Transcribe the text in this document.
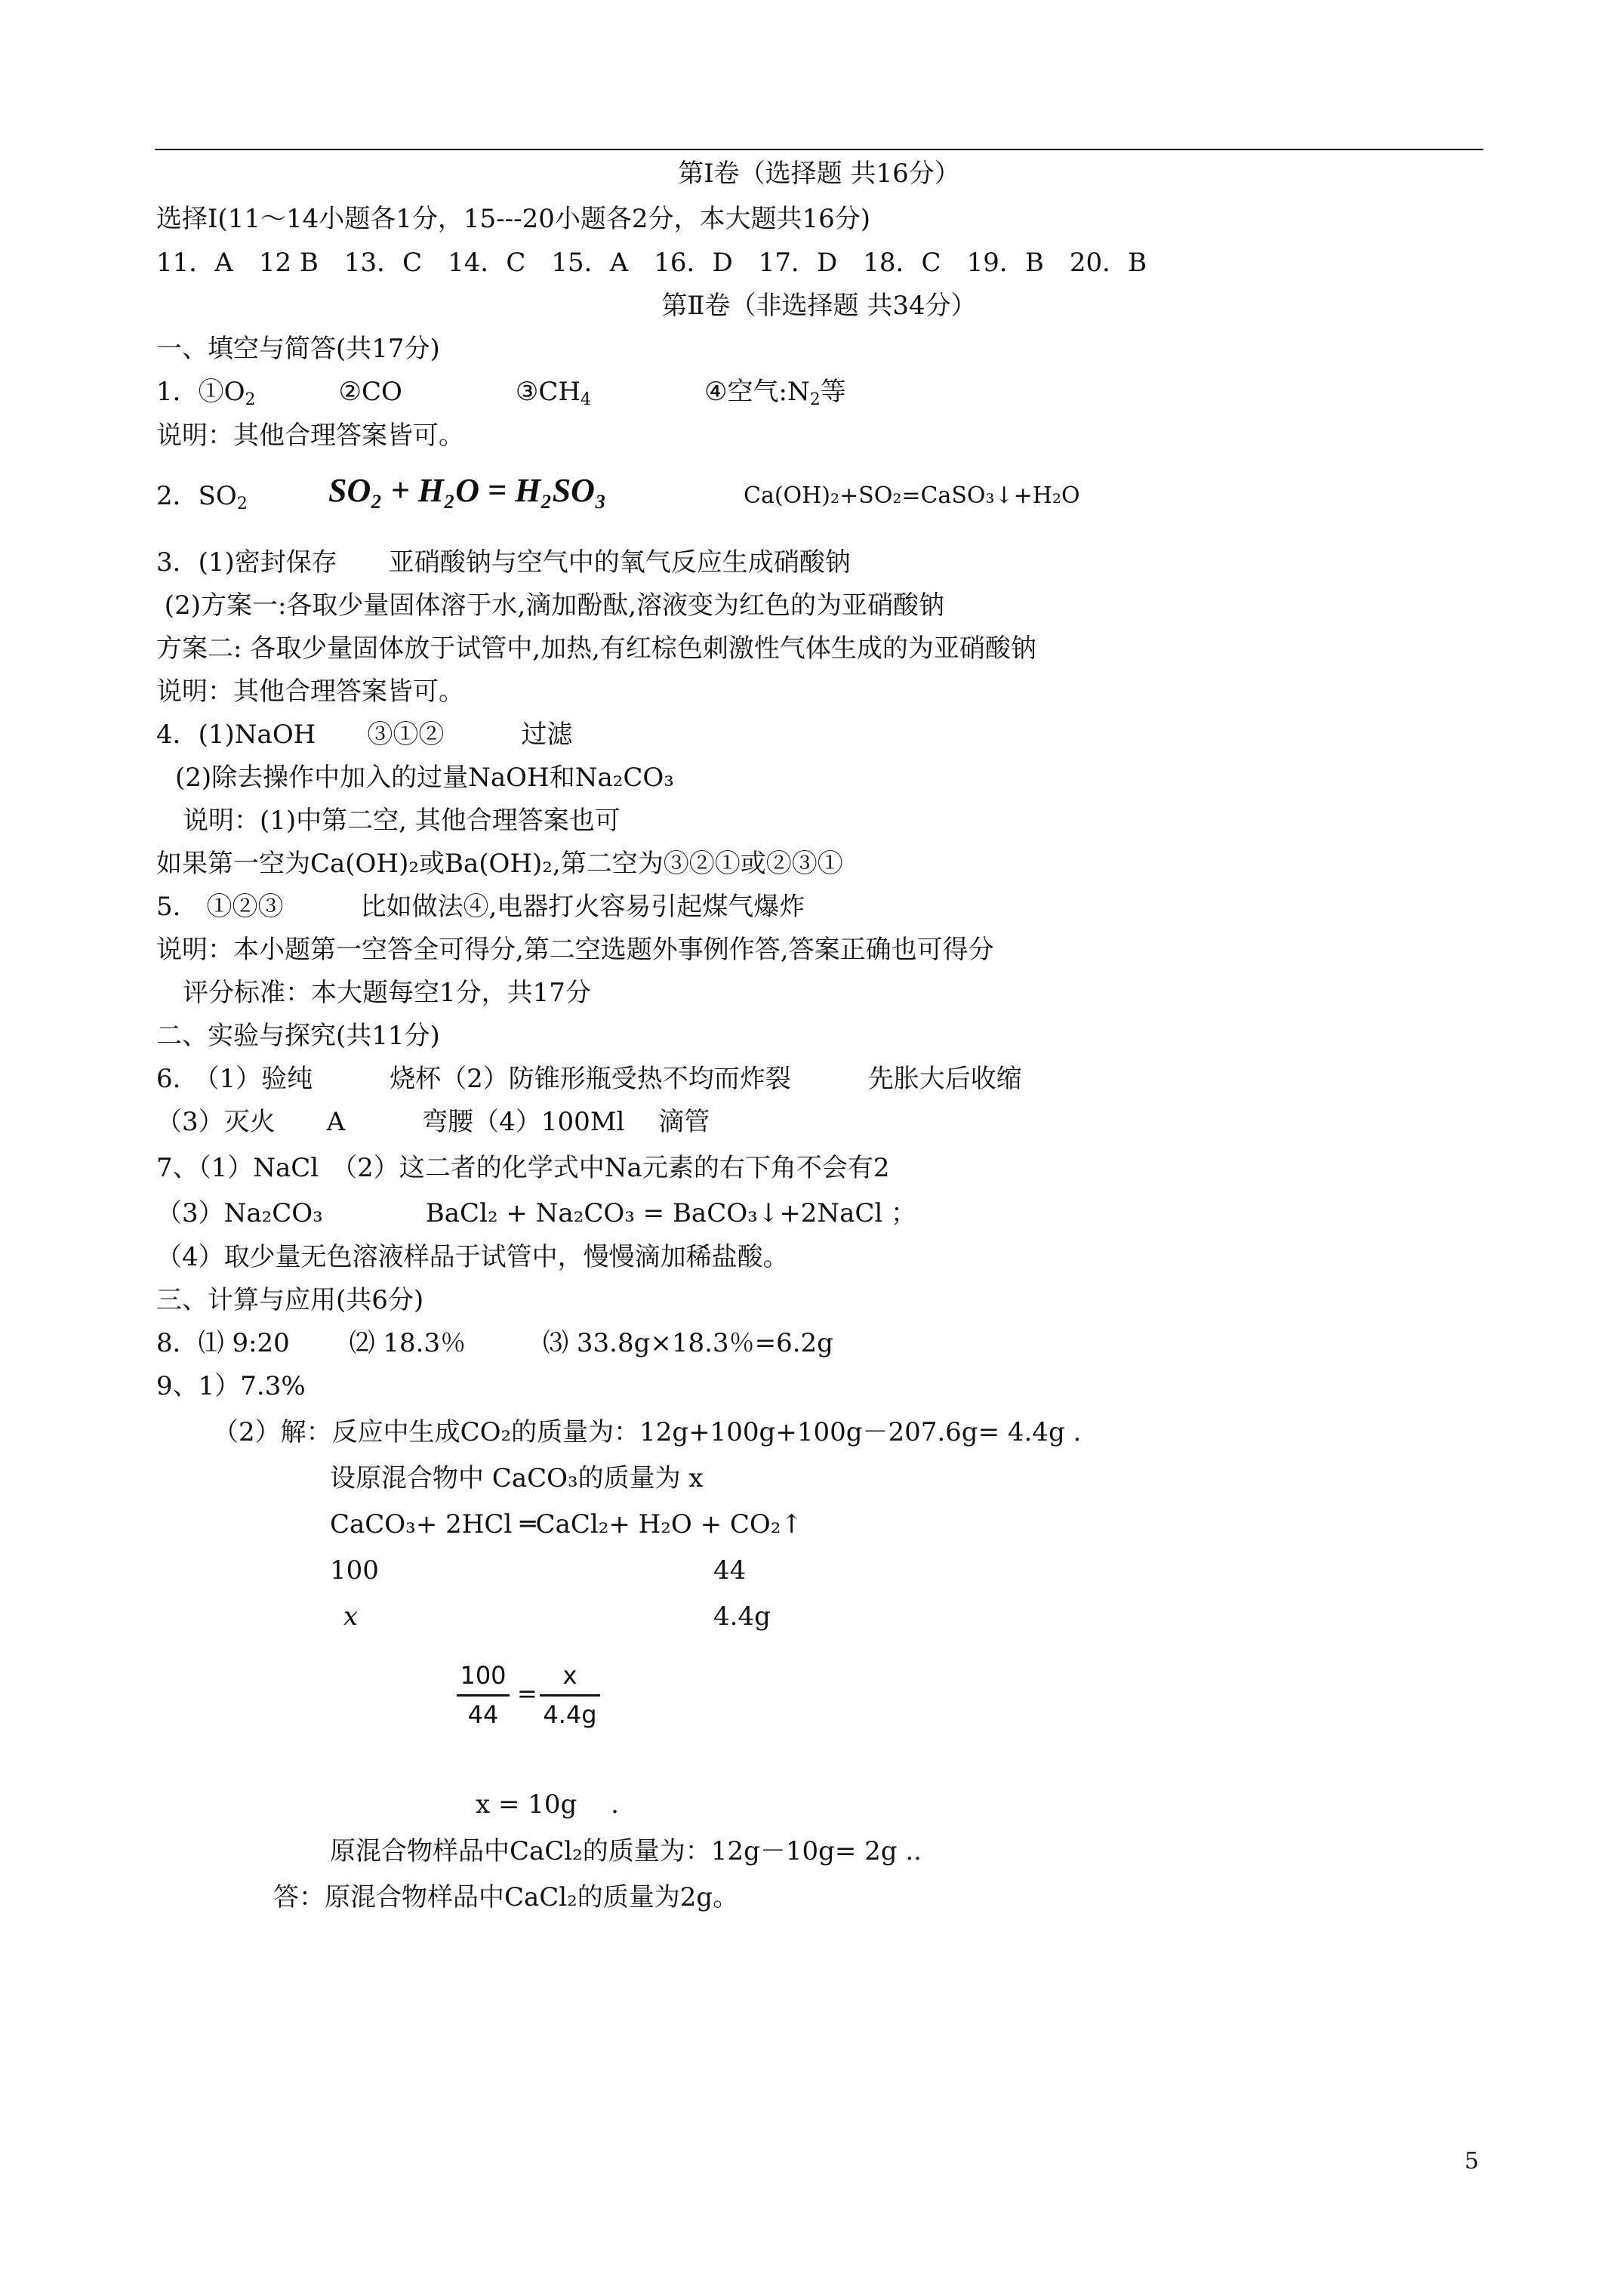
第Ⅰ卷（选择题 共16分）
选择Ⅰ(11～14小题各1分，15---20小题各2分，本大题共16分)
11．A　12 B　13．C　14．C　15．A　16．D　17．D　18．C　19．B　20．B
第Ⅱ卷（非选择题 共34分）
一、填空与简答(共17分)
1．$①O_2$	②CO	$③CH_4$	④空气$:N_2$等
说明：其他合理答案皆可。
2．$SO_2$ SO₂ + H₂O = H₂SO₃	Ca(OH)₂+SO₂=CaSO₃↓+H₂O
3．(1)密封保存　　亚硝酸钠与空气中的氧气反应生成硝酸钠
(2)方案一:各取少量固体溶于水,滴加酚酞,溶液变为红色的为亚硝酸钠
方案二: 各取少量固体放于试管中,加热,有红棕色刺激性气体生成的为亚硝酸钠
说明：其他合理答案皆可。
4．(1)NaOH　　③①②　　　过滤
(2)除去操作中加入的过量NaOH和Na₂CO₃
说明：(1)中第二空, 其他合理答案也可
如果第一空为Ca(OH)₂或Ba(OH)₂,第二空为③②①或②③①
5.　①②③　　　比如做法④,电器打火容易引起煤气爆炸
说明：本小题第一空答全可得分,第二空选题外事例作答,答案正确也可得分
评分标准：本大题每空1分，共17分
二、实验与探究(共11分)
6.　（1）验纯　　　烧杯（2）防锥形瓶受热不均而炸裂　　　先胀大后收缩
（3）灭火　　A　　　弯腰（4）100Ml　 滴管
7、（1）NaCl　（2）这二者的化学式中Na元素的右下角不会有2
（3）Na₂CO₃　　　　BaCl₂ + Na₂CO₃ = BaCO₃↓+2NaCl ；
（4）取少量无色溶液样品于试管中，慢慢滴加稀盐酸。
三、计算与应用(共6分)
8．⑴ 9:20　　 ⑵ 18.3％　　　⑶ 33.8g×18.3％=6.2g
9、1）7.3%
（2）解：反应中生成CO₂的质量为：12g+100g+100g－207.6g= 4.4g .
设原混合物中 CaCO₃的质量为 x
CaCO₃+ 2HCl ═CaCl₂+ H₂O + CO₂↑
100	44
x	4.4g
100
44
=
x
4.4g
x = 10g　 .
原混合物样品中CaCl₂的质量为：12g－10g= 2g ..
答：原混合物样品中CaCl₂的质量为2g。
5
